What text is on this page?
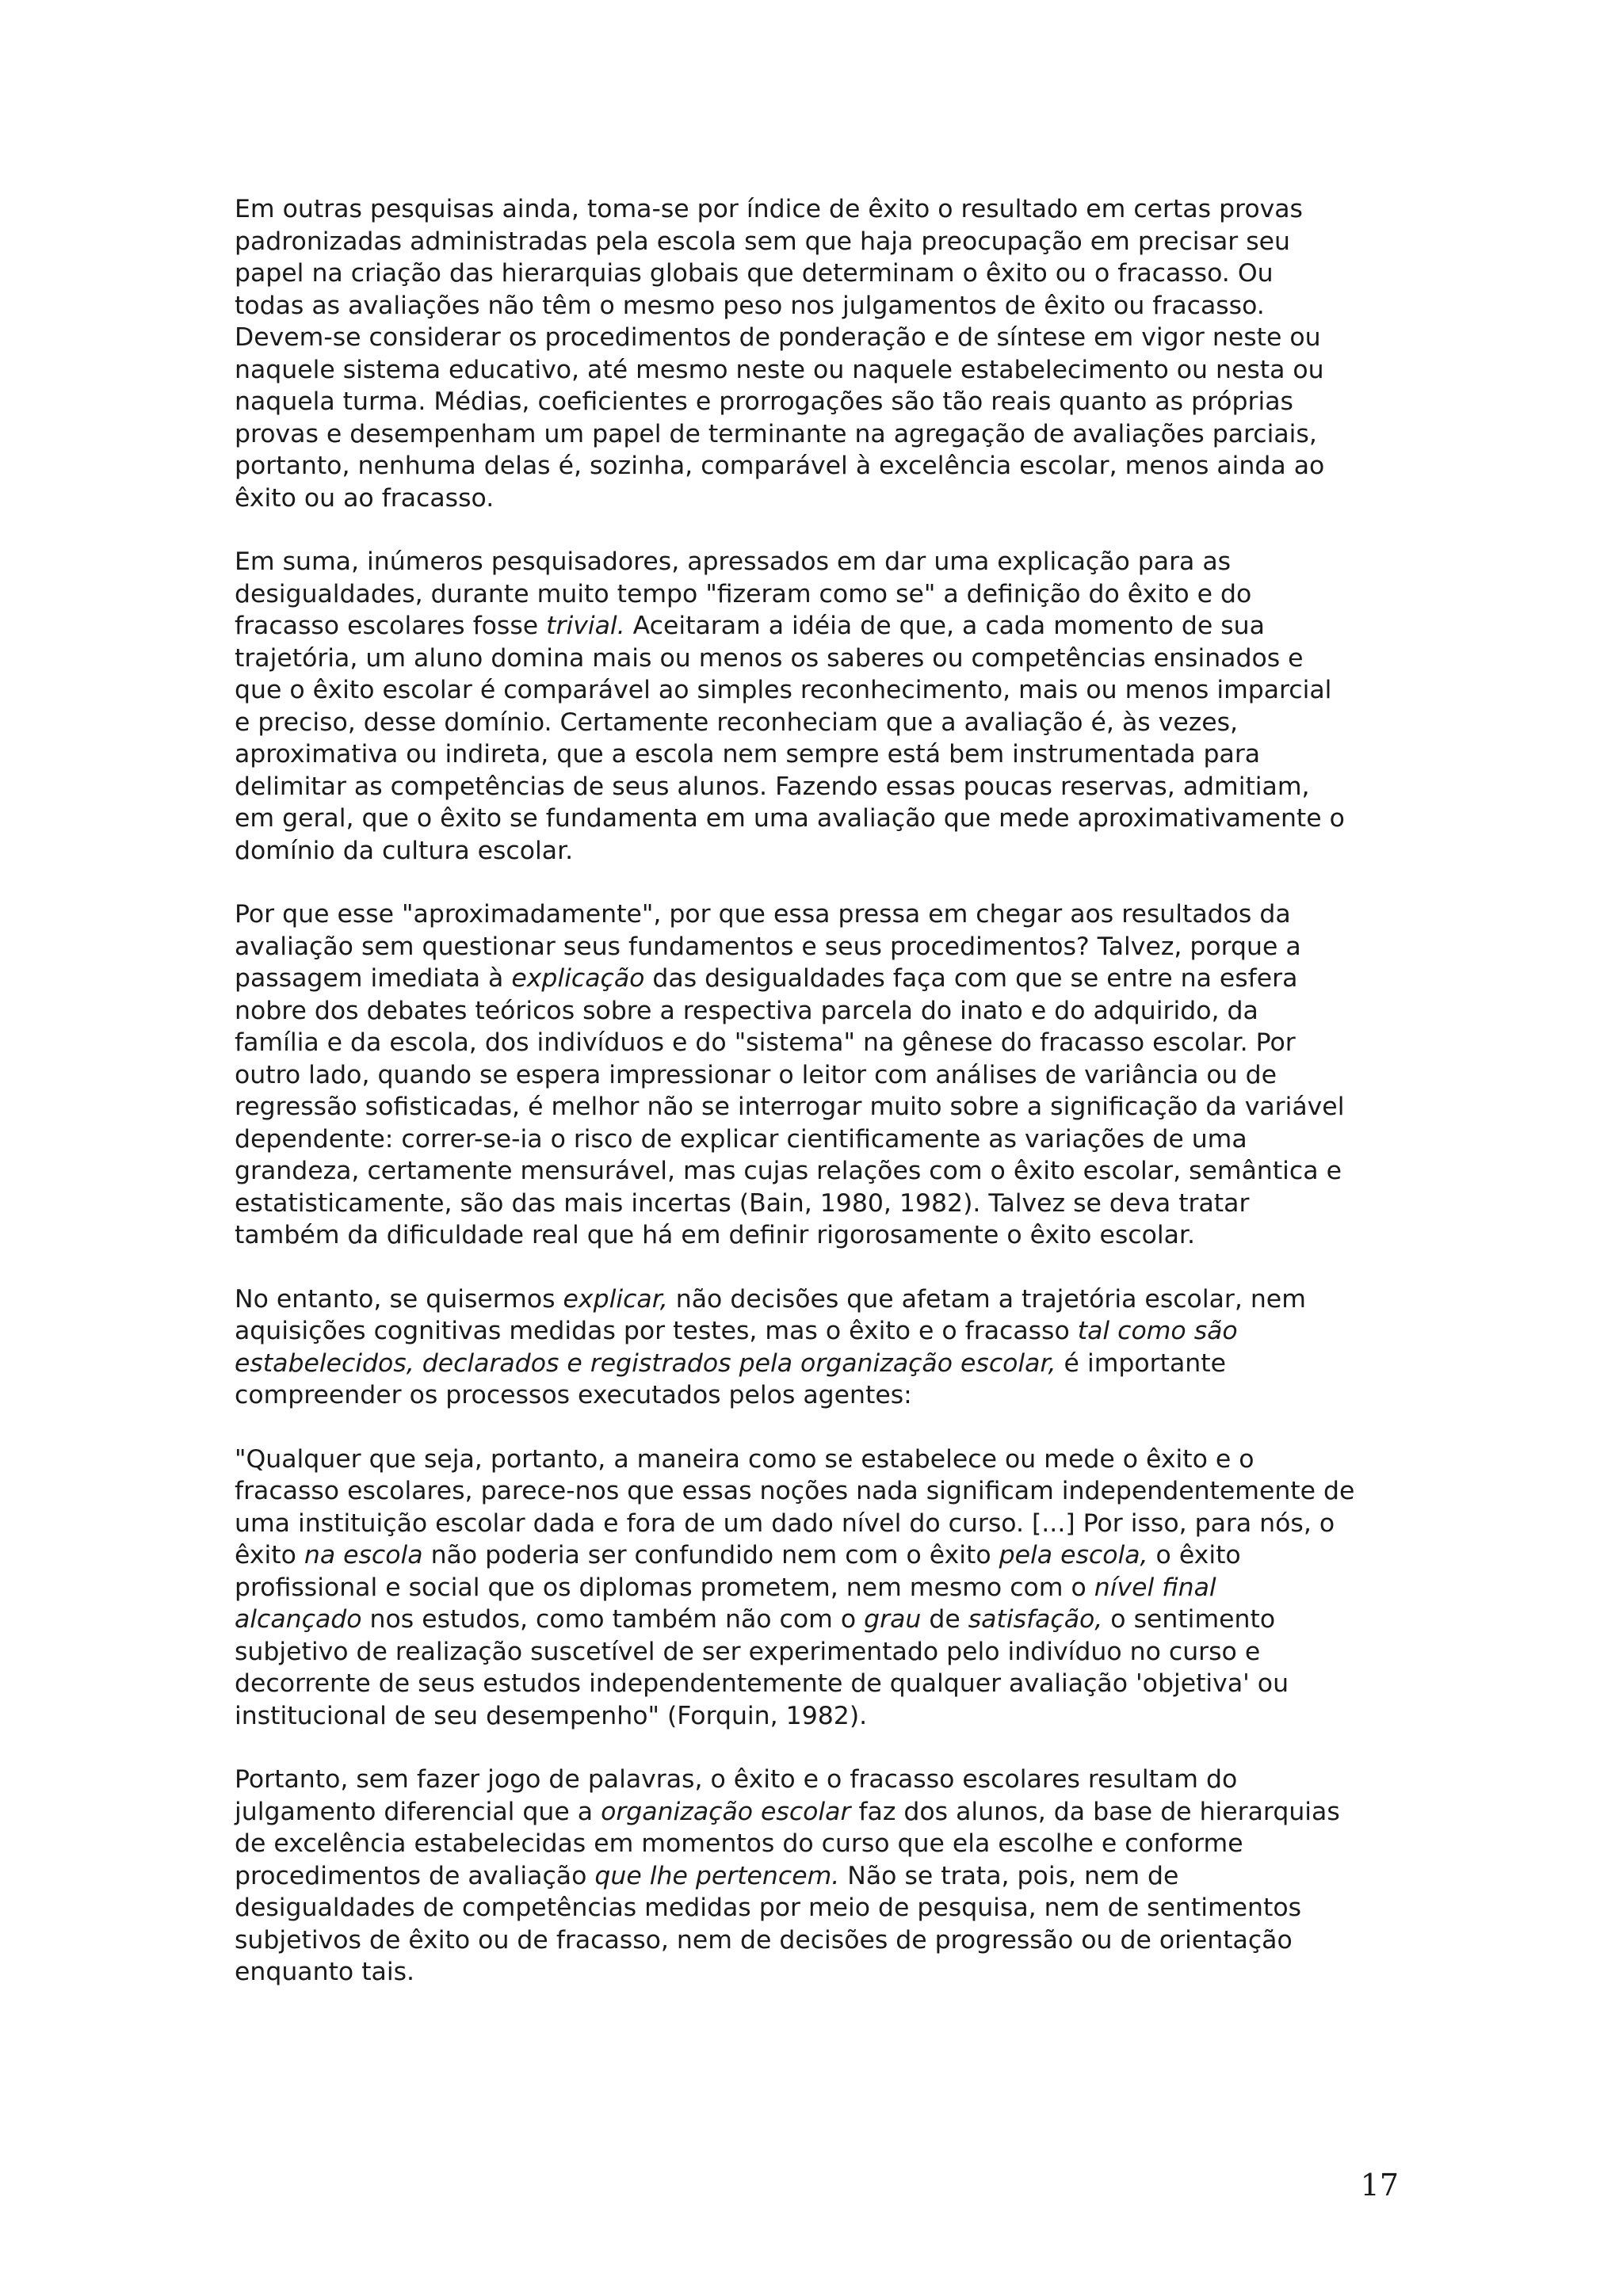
Em outras pesquisas ainda, toma-se por índice de êxito o resultado em certas provas
padronizadas administradas pela escola sem que haja preocupação em precisar seu
papel na criação das hierarquias globais que determinam o êxito ou o fracasso. Ou
todas as avaliações não têm o mesmo peso nos julgamentos de êxito ou fracasso.
Devem-se considerar os procedimentos de ponderação e de síntese em vigor neste ou
naquele sistema educativo, até mesmo neste ou naquele estabelecimento ou nesta ou
naquela turma. Médias, coeficientes e prorrogações são tão reais quanto as próprias
provas e desempenham um papel de terminante na agregação de avaliações parciais,
portanto, nenhuma delas é, sozinha, comparável à excelência escolar, menos ainda ao
êxito ou ao fracasso.

Em suma, inúmeros pesquisadores, apressados em dar uma explicação para as
desigualdades, durante muito tempo "fizeram como se" a definição do êxito e do
fracasso escolares fosse trivial. Aceitaram a idéia de que, a cada momento de sua
trajetória, um aluno domina mais ou menos os saberes ou competências ensinados e
que o êxito escolar é comparável ao simples reconhecimento, mais ou menos imparcial
e preciso, desse domínio. Certamente reconheciam que a avaliação é, às vezes,
aproximativa ou indireta, que a escola nem sempre está bem instrumentada para
delimitar as competências de seus alunos. Fazendo essas poucas reservas, admitiam,
em geral, que o êxito se fundamenta em uma avaliação que mede aproximativamente o
domínio da cultura escolar.

Por que esse "aproximadamente", por que essa pressa em chegar aos resultados da
avaliação sem questionar seus fundamentos e seus procedimentos? Talvez, porque a
passagem imediata à explicação das desigualdades faça com que se entre na esfera
nobre dos debates teóricos sobre a respectiva parcela do inato e do adquirido, da
família e da escola, dos indivíduos e do "sistema" na gênese do fracasso escolar. Por
outro lado, quando se espera impressionar o leitor com análises de variância ou de
regressão sofisticadas, é melhor não se interrogar muito sobre a significação da variável
dependente: correr-se-ia o risco de explicar cientificamente as variações de uma
grandeza, certamente mensurável, mas cujas relações com o êxito escolar, semântica e
estatisticamente, são das mais incertas (Bain, 1980, 1982). Talvez se deva tratar
também da dificuldade real que há em definir rigorosamente o êxito escolar.

No entanto, se quisermos explicar, não decisões que afetam a trajetória escolar, nem
aquisições cognitivas medidas por testes, mas o êxito e o fracasso tal como são
estabelecidos, declarados e registrados pela organização escolar, é importante
compreender os processos executados pelos agentes:

"Qualquer que seja, portanto, a maneira como se estabelece ou mede o êxito e o
fracasso escolares, parece-nos que essas noções nada significam independentemente de
uma instituição escolar dada e fora de um dado nível do curso. [...] Por isso, para nós, o
êxito na escola não poderia ser confundido nem com o êxito pela escola, o êxito
profissional e social que os diplomas prometem, nem mesmo com o nível final
alcançado nos estudos, como também não com o grau de satisfação, o sentimento
subjetivo de realização suscetível de ser experimentado pelo indivíduo no curso e
decorrente de seus estudos independentemente de qualquer avaliação 'objetiva' ou
institucional de seu desempenho" (Forquin, 1982).

Portanto, sem fazer jogo de palavras, o êxito e o fracasso escolares resultam do
julgamento diferencial que a organização escolar faz dos alunos, da base de hierarquias
de excelência estabelecidas em momentos do curso que ela escolhe e conforme
procedimentos de avaliação que lhe pertencem. Não se trata, pois, nem de
desigualdades de competências medidas por meio de pesquisa, nem de sentimentos
subjetivos de êxito ou de fracasso, nem de decisões de progressão ou de orientação
enquanto tais.

17
